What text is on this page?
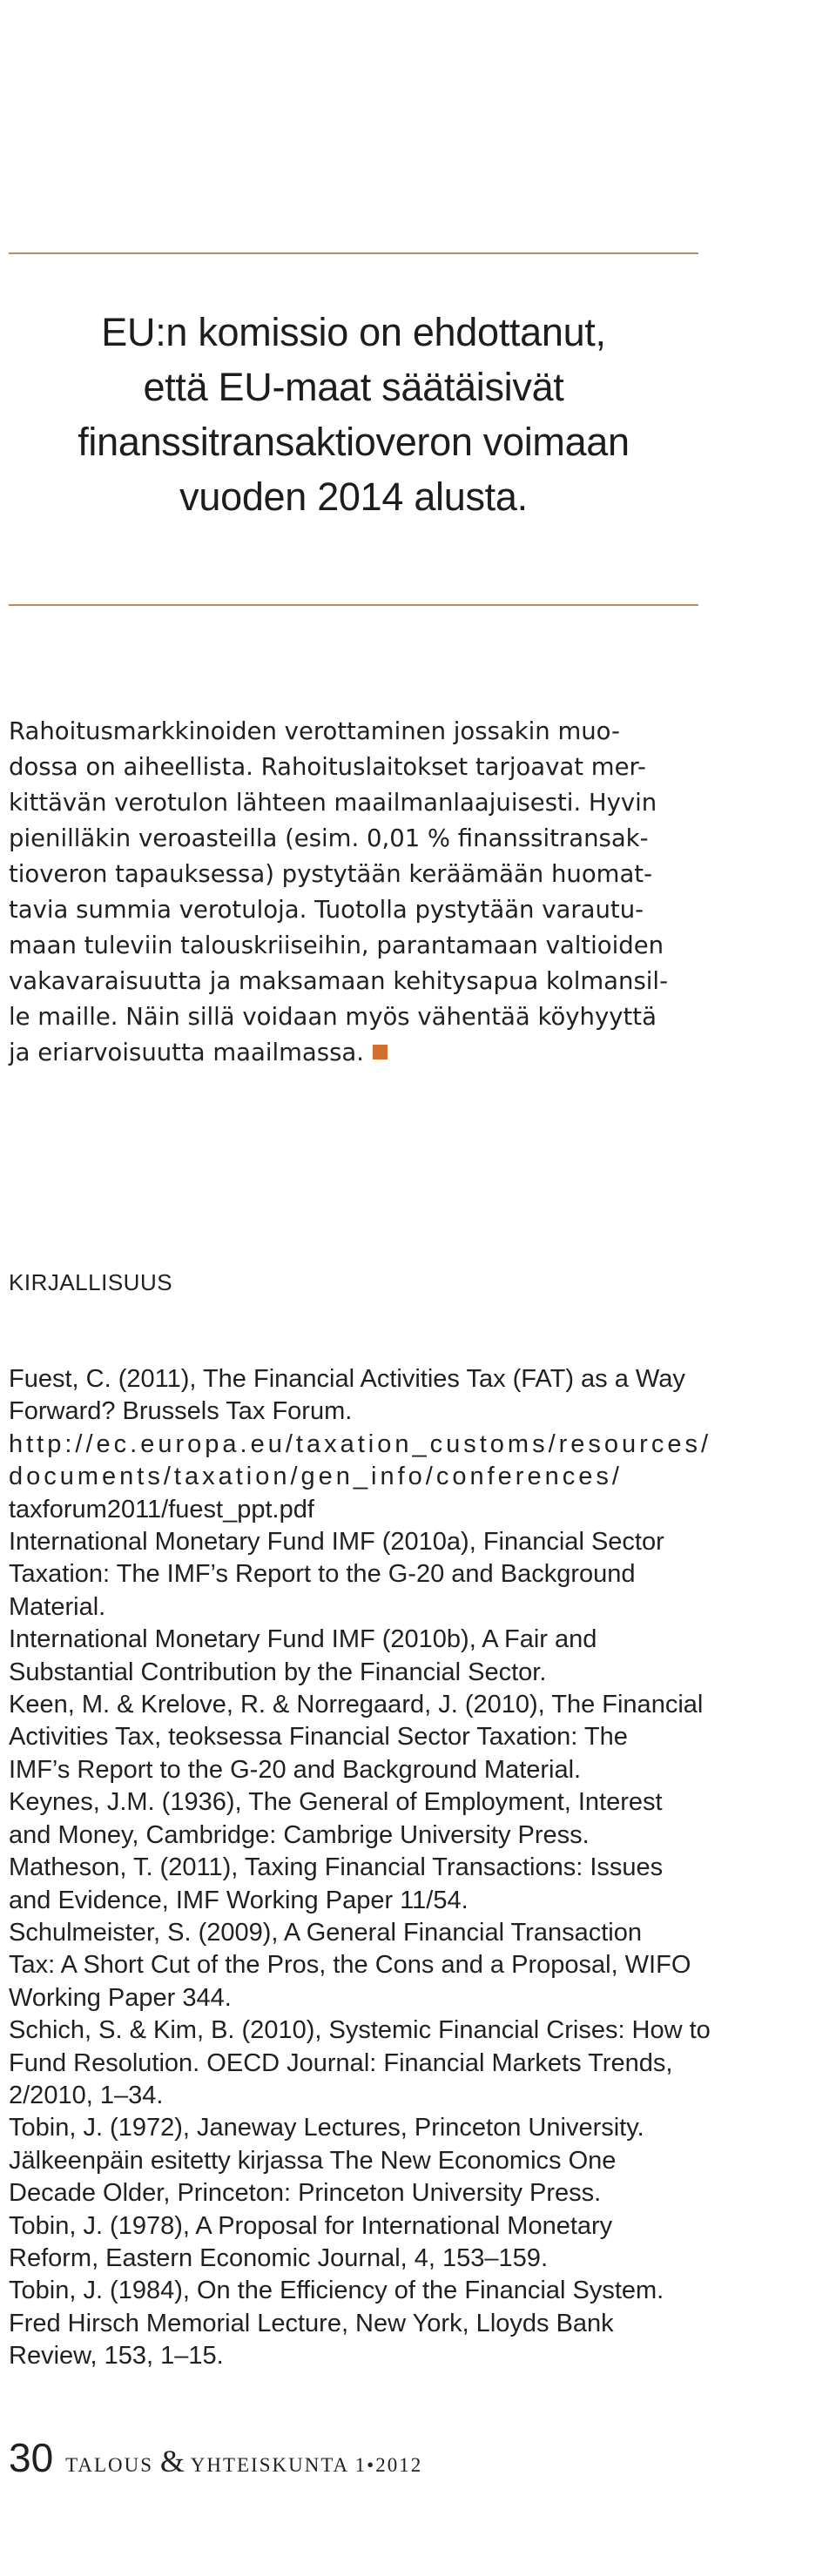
EU:n komissio on ehdottanut,
että EU-maat säätäisivät
finanssitransaktioveron voimaan
vuoden 2014 alusta.
Rahoitusmarkkinoiden verottaminen jossakin muo-
dossa on aiheellista. Rahoituslaitokset tarjoavat mer-
kittävän verotulon lähteen maailmanlaajuisesti. Hyvin
pienilläkin veroasteilla (esim. 0,01 % finanssitransak-
tioveron tapauksessa) pystytään keräämään huomat-
tavia summia verotuloja. Tuotolla pystytään varautu-
maan tuleviin talouskriiseihin, parantamaan valtioiden
vakavaraisuutta ja maksamaan kehitysapua kolmansil-
le maille. Näin sillä voidaan myös vähentää köyhyyttä
ja eriarvoisuutta maailmassa.
KIRJALLISUUS
Fuest, C. (2011), The Financial Activities Tax (FAT) as a Way
Forward? Brussels Tax Forum.
http://ec.europa.eu/taxation_customs/resources/
documents/taxation/gen_info/conferences/
taxforum2011/fuest_ppt.pdf
International Monetary Fund IMF (2010a), Financial Sector
Taxation: The IMF’s Report to the G-20 and Background
Material.
International Monetary Fund IMF (2010b), A Fair and
Substantial Contribution by the Financial Sector.
Keen, M. & Krelove, R. & Norregaard, J. (2010), The Financial
Activities Tax, teoksessa Financial Sector Taxation: The
IMF’s Report to the G-20 and Background Material.
Keynes, J.M. (1936), The General of Employment, Interest
and Money, Cambridge: Cambrige University Press.
Matheson, T. (2011), Taxing Financial Transactions: Issues
and Evidence, IMF Working Paper 11/54.
Schulmeister, S. (2009), A General Financial Transaction
Tax: A Short Cut of the Pros, the Cons and a Proposal, WIFO
Working Paper 344.
Schich, S. & Kim, B. (2010), Systemic Financial Crises: How to
Fund Resolution. OECD Journal: Financial Markets Trends,
2/2010, 1–34.
Tobin, J. (1972), Janeway Lectures, Princeton University.
Jälkeenpäin esitetty kirjassa The New Economics One
Decade Older, Princeton: Princeton University Press.
Tobin, J. (1978), A Proposal for International Monetary
Reform, Eastern Economic Journal, 4, 153–159.
Tobin, J. (1984), On the Efficiency of the Financial System.
Fred Hirsch Memorial Lecture, New York, Lloyds Bank
Review, 153, 1–15.
30 TALOUS & YHTEISKUNTA 1•2012
